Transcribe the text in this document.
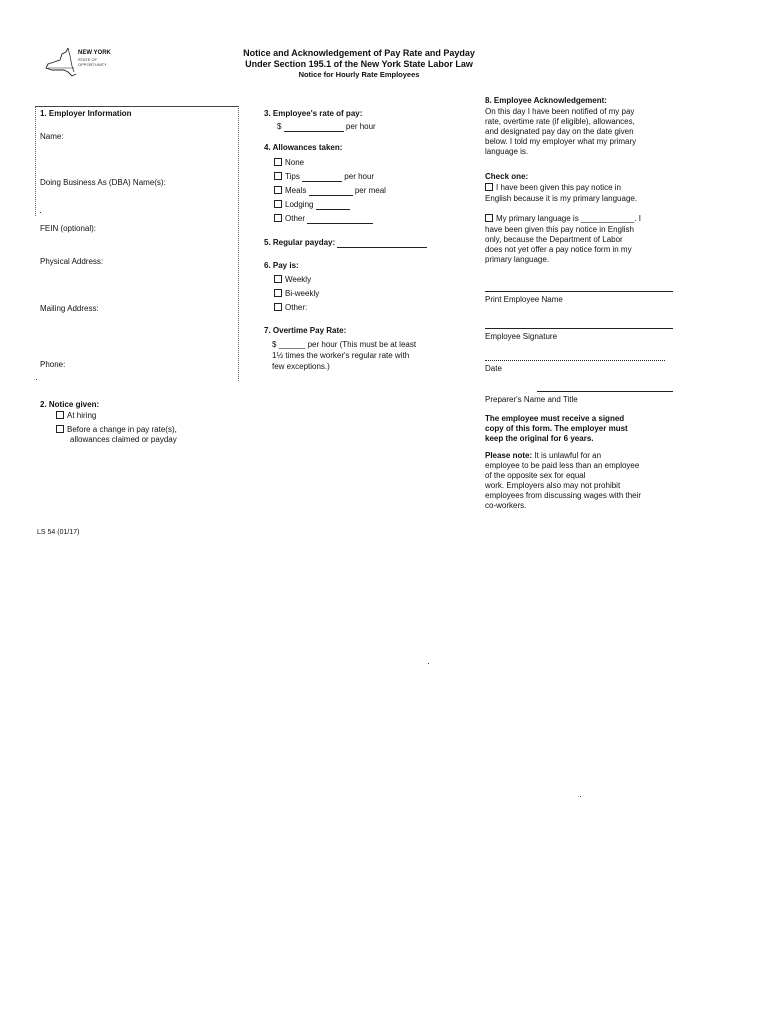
NEW YORK
STATE OF
OPPORTUNITY
Notice and Acknowledgement of Pay Rate and Payday
Under Section 195.1 of the New York State Labor Law
Notice for Hourly Rate Employees
1. Employer Information
Name:
Doing Business As (DBA) Name(s):
FEIN (optional):
Physical Address:
Mailing Address:
Phone:
2. Notice given:
At hiring
Before a change in pay rate(s),
allowances claimed or payday
LS 54 (01/17)
3. Employee's rate of pay:
$	per hour
4. Allowances taken:
None
Tips	per hour
Meals	per meal
Lodging
Other
5. Regular payday:
6. Pay is:
Weekly
Bi-weekly
Other:
7. Overtime Pay Rate:
$ ______ per hour (This must be at least
1½ times the worker's regular rate with
few exceptions.)
8. Employee Acknowledgement:
On this day I have been notified of my pay
rate, overtime rate (if eligible), allowances,
and designated pay day on the date given
below. I told my employer what my primary
language is.
Check one:
I have been given this pay notice in
English because it is my primary language.
My primary language is ____________. I
have been given this pay notice in English
only, because the Department of Labor
does not yet offer a pay notice form in my
primary language.
Print Employee Name
Employee Signature
Date
Preparer's Name and Title
The employee must receive a signed
copy of this form. The employer must
keep the original for 6 years.
Please note: It is unlawful for an
employee to be paid less than an employee
of the opposite sex for equal
work. Employers also may not prohibit
employees from discussing wages with their
co-workers.
